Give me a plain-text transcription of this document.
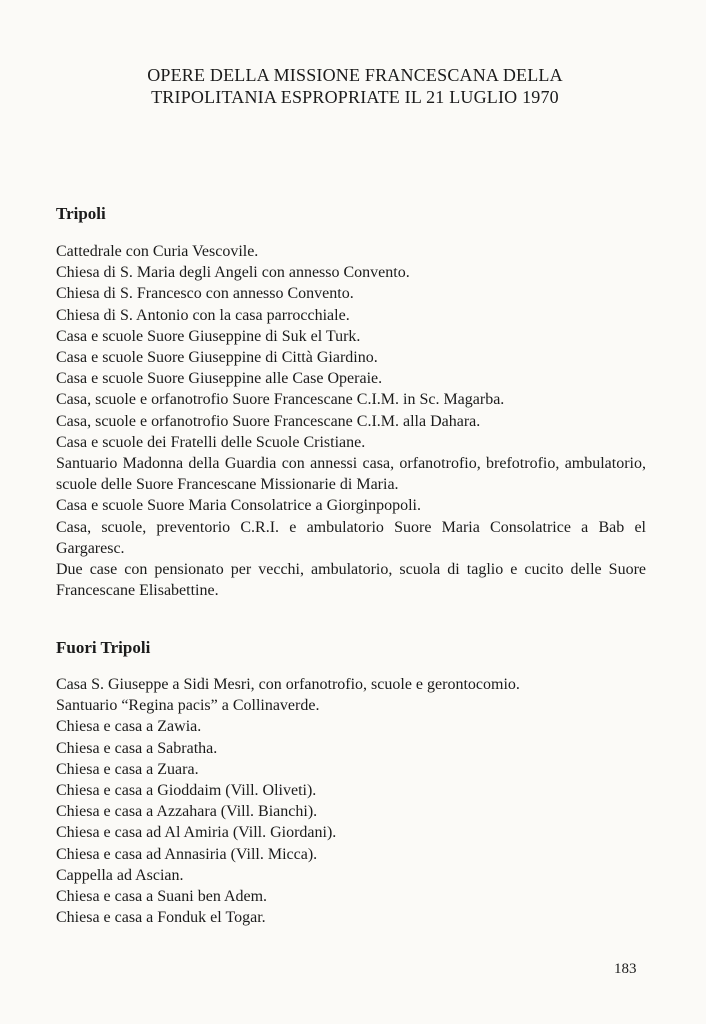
OPERE DELLA MISSIONE FRANCESCANA DELLA
TRIPOLITANIA ESPROPRIATE IL 21 LUGLIO 1970
Tripoli
Cattedrale con Curia Vescovile.
Chiesa di S. Maria degli Angeli con annesso Convento.
Chiesa di S. Francesco con annesso Convento.
Chiesa di S. Antonio con la casa parrocchiale.
Casa e scuole Suore Giuseppine di Suk el Turk.
Casa e scuole Suore Giuseppine di Città Giardino.
Casa e scuole Suore Giuseppine alle Case Operaie.
Casa, scuole e orfanotrofio Suore Francescane C.I.M. in Sc. Magarba.
Casa, scuole e orfanotrofio Suore Francescane C.I.M. alla Dahara.
Casa e scuole dei Fratelli delle Scuole Cristiane.
Santuario Madonna della Guardia con annessi casa, orfanotrofio, brefotrofio, ambulatorio, scuole delle Suore Francescane Missionarie di Maria.
Casa e scuole Suore Maria Consolatrice a Giorginpopoli.
Casa, scuole, preventorio C.R.I. e ambulatorio Suore Maria Consolatrice a Bab el Gargaresc.
Due case con pensionato per vecchi, ambulatorio, scuola di taglio e cucito delle Suore Francescane Elisabettine.
Fuori Tripoli
Casa S. Giuseppe a Sidi Mesri, con orfanotrofio, scuole e gerontocomio.
Santuario “Regina pacis” a Collinaverde.
Chiesa e casa a Zawia.
Chiesa e casa a Sabratha.
Chiesa e casa a Zuara.
Chiesa e casa a Gioddaim (Vill. Oliveti).
Chiesa e casa a Azzahara (Vill. Bianchi).
Chiesa e casa ad Al Amiria (Vill. Giordani).
Chiesa e casa ad Annasiria (Vill. Micca).
Cappella ad Ascian.
Chiesa e casa a Suani ben Adem.
Chiesa e casa a Fonduk el Togar.
183
